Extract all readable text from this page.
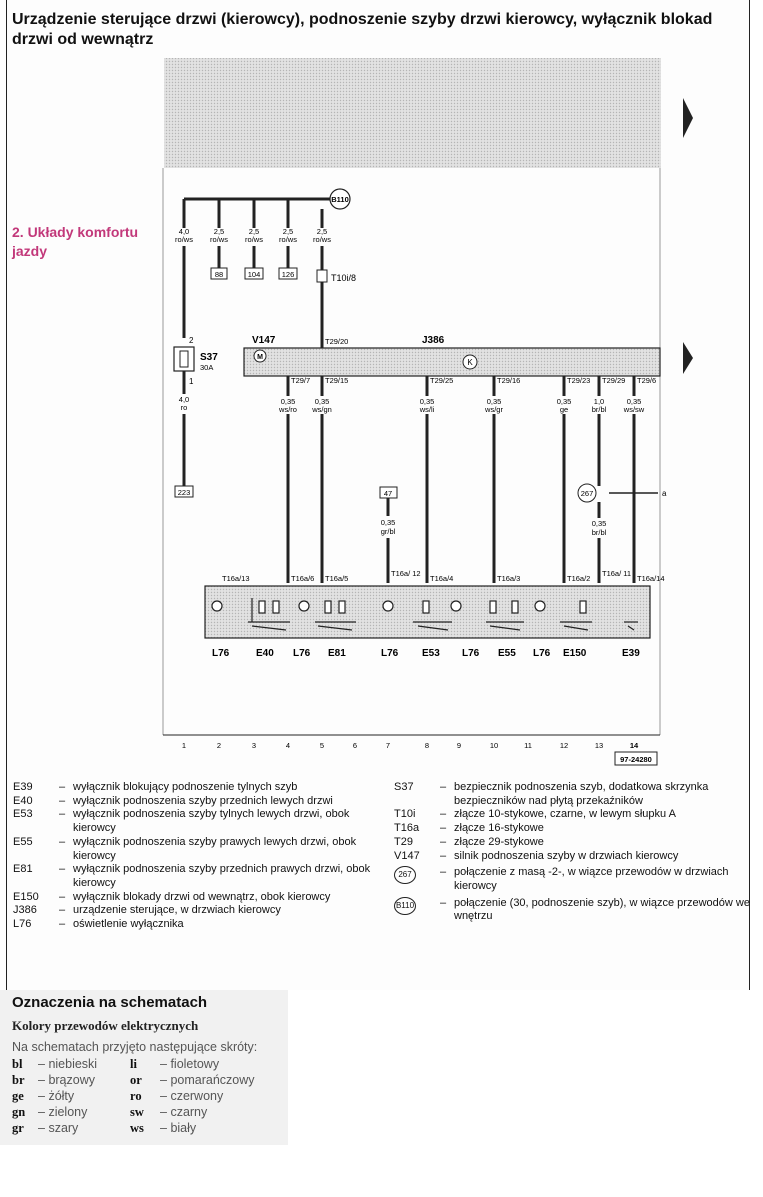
Urządzenie sterujące drzwi (kierowcy), podnoszenie szyby drzwi kierowcy, wyłącznik blokad
drzwi od wewnątrz
2. Układy komfortu jazdy
B110
4,0
ro/ws
2,5
ro/ws
2,5
ro/ws
2,5
ro/ws
2,5
ro/ws
88	104	126	T10i/8
2
S37
30A
1
4,0
ro
223
V147	J386
T29/20
M
K
T29/7
0,35
ws/ro
T29/15
0,35
ws/gn
T29/25
0,35
ws/li
T29/16
0,35
ws/gr
T29/23
0,35
ge
T29/29
1,0
br/bl
T29/6
0,35
ws/sw
47
0,35
gr/bl
267	a
0,35
br/bl
T16a/13	T16a/6 T16a/5
T16a/ 12
T16a/4	T16a/3	T16a/2
T16a/ 11
T16a/14
L76	E40 L76 E81	L76 E53 L76 E55 L76 E150	E39
1	2	3	4	5	6	7	8	9	10	11	12	13	14
97-24280
E39	– wyłącznik blokujący podnoszenie tylnych szyb
E40	– wyłącznik podnoszenia szyby przednich lewych drzwi
E53	– wyłącznik podnoszenia szyby tylnych lewych drzwi, obok kierowcy
E55	– wyłącznik podnoszenia szyby prawych lewych drzwi, obok kierowcy
E81	– wyłącznik podnoszenia szyby przednich prawych drzwi, obok kierowcy
E150	– wyłącznik blokady drzwi od wewnątrz, obok kierowcy
J386	– urządzenie sterujące, w drzwiach kierowcy
L76	– oświetlenie wyłącznika
S37	– bezpiecznik podnoszenia szyb, dodatkowa skrzynka bezpieczników nad płytą przekaźników
T10i	– złącze 10-stykowe, czarne, w lewym słupku A
T16a	– złącze 16-stykowe
T29	– złącze 29-stykowe
V147	– silnik podnoszenia szyby w drzwiach kierowcy
267	– połączenie z masą -2-, w wiązce przewodów w drzwiach kierowcy
B110	– połączenie (30, podnoszenie szyb), w wiązce przewodów we wnętrzu
Oznaczenia na schematach
Kolory przewodów elektrycznych
Na schematach przyjęto następujące skróty:
bl	– niebieski	li	– fioletowy
br	– brązowy	or	– pomarańczowy
ge	– żółty	ro	– czerwony
gn	– zielony	sw	– czarny
gr	– szary	ws	– biały
